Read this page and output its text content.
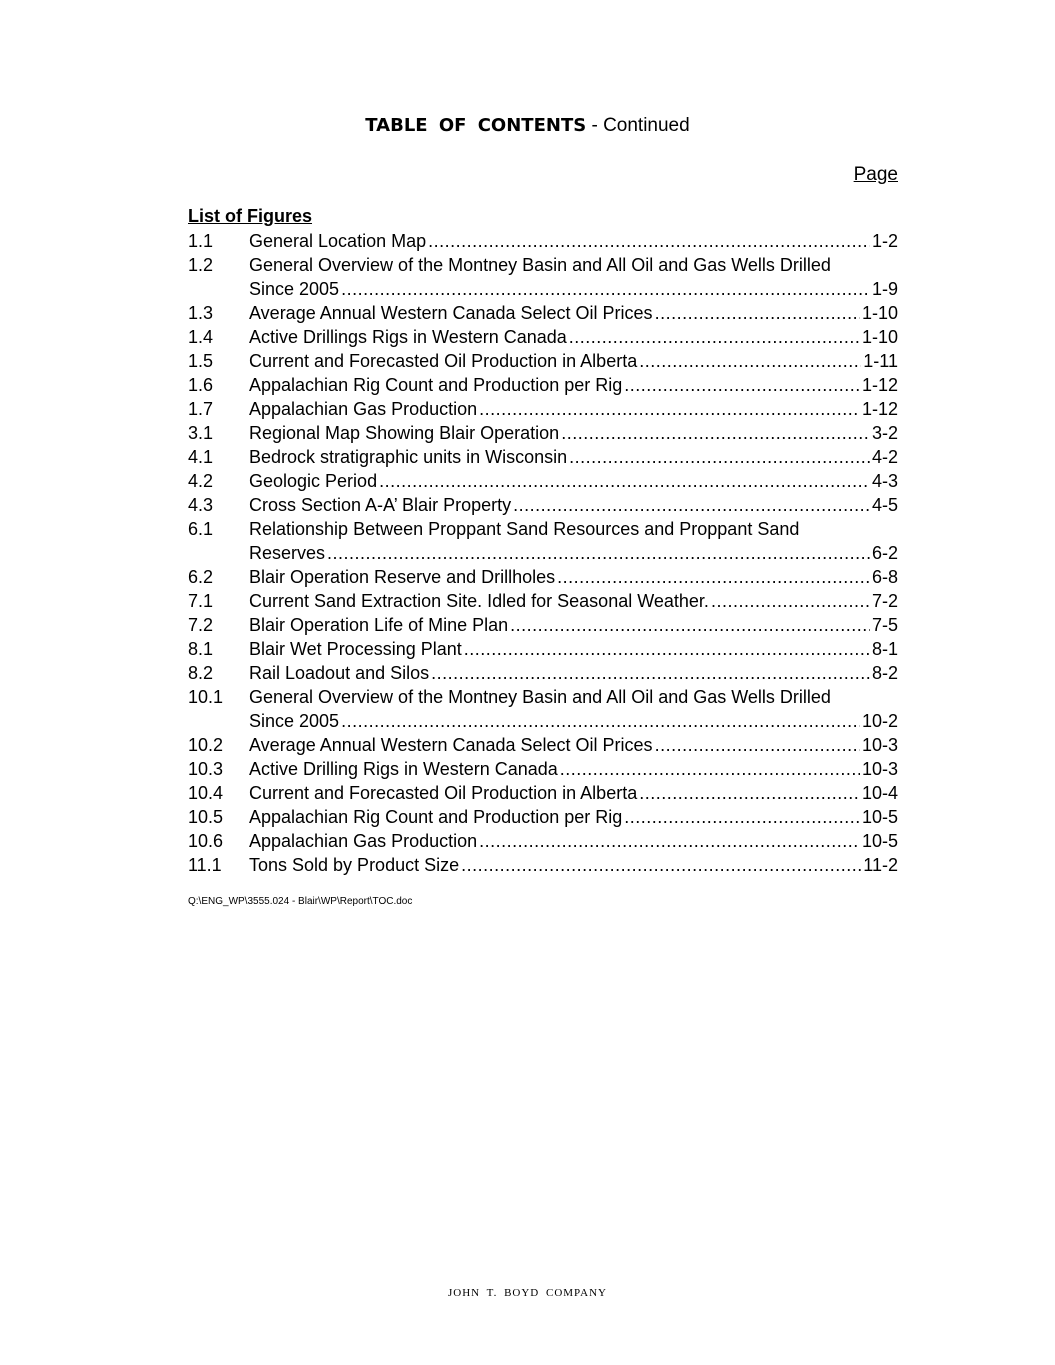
TABLE OF CONTENTS - Continued
Page
List of Figures
1.1	General Location Map .....	1-2
1.2	General Overview of the Montney Basin and All Oil and Gas Wells Drilled
Since 2005 .....	1-9
1.3	Average Annual Western Canada Select Oil Prices .....	1-10
1.4	Active Drillings Rigs in Western Canada .....	1-10
1.5	Current and Forecasted Oil Production in Alberta .....	1-11
1.6	Appalachian Rig Count and Production per Rig .....	1-12
1.7	Appalachian Gas Production .....	1-12
3.1	Regional Map Showing Blair Operation .....	3-2
4.1	Bedrock stratigraphic units in Wisconsin .....	4-2
4.2	Geologic Period .....	4-3
4.3	Cross Section A-A’ Blair Property .....	4-5
6.1	Relationship Between Proppant Sand Resources and Proppant Sand
Reserves .....	6-2
6.2	Blair Operation Reserve and Drillholes .....	6-8
7.1	Current Sand Extraction Site. Idled for Seasonal Weather. .....	7-2
7.2	Blair Operation Life of Mine Plan .....	7-5
8.1	Blair Wet Processing Plant .....	8-1
8.2	Rail Loadout and Silos .....	8-2
10.1	General Overview of the Montney Basin and All Oil and Gas Wells Drilled
Since 2005 .....	10-2
10.2	Average Annual Western Canada Select Oil Prices .....	10-3
10.3	Active Drilling Rigs in Western Canada .....	10-3
10.4	Current and Forecasted Oil Production in Alberta .....	10-4
10.5	Appalachian Rig Count and Production per Rig .....	10-5
10.6	Appalachian Gas Production .....	10-5
11.1	Tons Sold by Product Size .....	11-2
Q:\ENG_WP\3555.024 - Blair\WP\Report\TOC.doc
JOHN T. BOYD COMPANY
